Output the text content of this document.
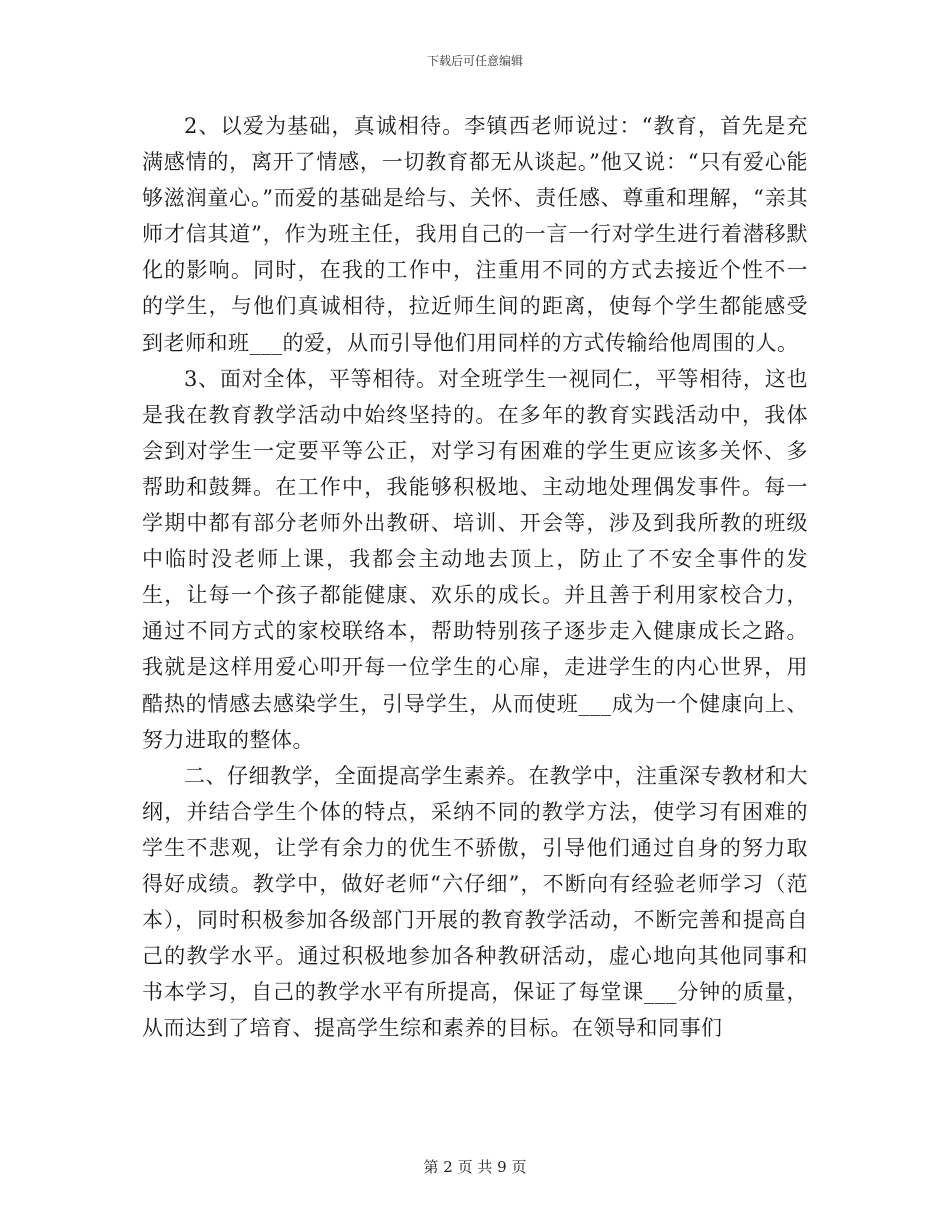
下载后可任意编辑

2、以爱为基础，真诚相待。李镇西老师说过：“教育，首先是充满感情的，离开了情感，一切教育都无从谈起。”他又说：“只有爱心能够滋润童心。”而爱的基础是给与、关怀、责任感、尊重和理解，“亲其师才信其道”，作为班主任，我用自己的一言一行对学生进行着潜移默化的影响。同时，在我的工作中，注重用不同的方式去接近个性不一的学生，与他们真诚相待，拉近师生间的距离，使每个学生都能感受到老师和班___的爱，从而引导他们用同样的方式传输给他周围的人。

3、面对全体，平等相待。对全班学生一视同仁，平等相待，这也是我在教育教学活动中始终坚持的。在多年的教育实践活动中，我体会到对学生一定要平等公正，对学习有困难的学生更应该多关怀、多帮助和鼓舞。在工作中，我能够积极地、主动地处理偶发事件。每一学期中都有部分老师外出教研、培训、开会等，涉及到我所教的班级中临时没老师上课，我都会主动地去顶上，防止了不安全事件的发生，让每一个孩子都能健康、欢乐的成长。并且善于利用家校合力，通过不同方式的家校联络本，帮助特别孩子逐步走入健康成长之路。我就是这样用爱心叩开每一位学生的心扉，走进学生的内心世界，用酷热的情感去感染学生，引导学生，从而使班___成为一个健康向上、努力进取的整体。

二、仔细教学，全面提高学生素养。在教学中，注重深专教材和大纲，并结合学生个体的特点，采纳不同的教学方法，使学习有困难的学生不悲观，让学有余力的优生不骄傲，引导他们通过自身的努力取得好成绩。教学中，做好老师“六仔细”，不断向有经验老师学习（范本），同时积极参加各级部门开展的教育教学活动，不断完善和提高自己的教学水平。通过积极地参加各种教研活动，虚心地向其他同事和书本学习，自己的教学水平有所提高，保证了每堂课___分钟的质量，从而达到了培育、提高学生综和素养的目标。在领导和同事们

第 2 页 共 9 页
